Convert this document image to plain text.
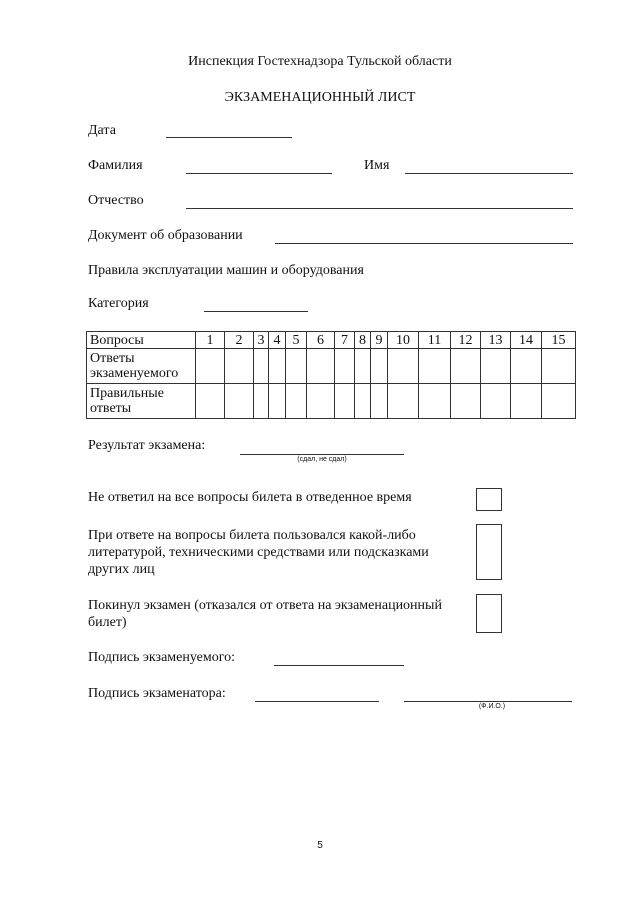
Инспекция Гостехнадзора Тульской области
ЭКЗАМЕНАЦИОННЫЙ ЛИСТ
Дата
Фамилия	Имя
Отчество
Документ об образовании
Правила эксплуатации машин и оборудования
Категория
Вопросы	1	2	3	4	5	6	7	8	9	10	11	12	13	14	15
Ответы экзаменуемого															
Правильные ответы															
Результат экзамена:
(сдал, не сдал)
Не ответил на все вопросы билета в отведенное время
При ответе на вопросы билета пользовался какой-либо литературой, техническими средствами или подсказками других лиц
Покинул экзамен (отказался от ответа на экзаменационный билет)
Подпись экзаменуемого:
Подпись экзаменатора:
(Ф.И.О.)
5
